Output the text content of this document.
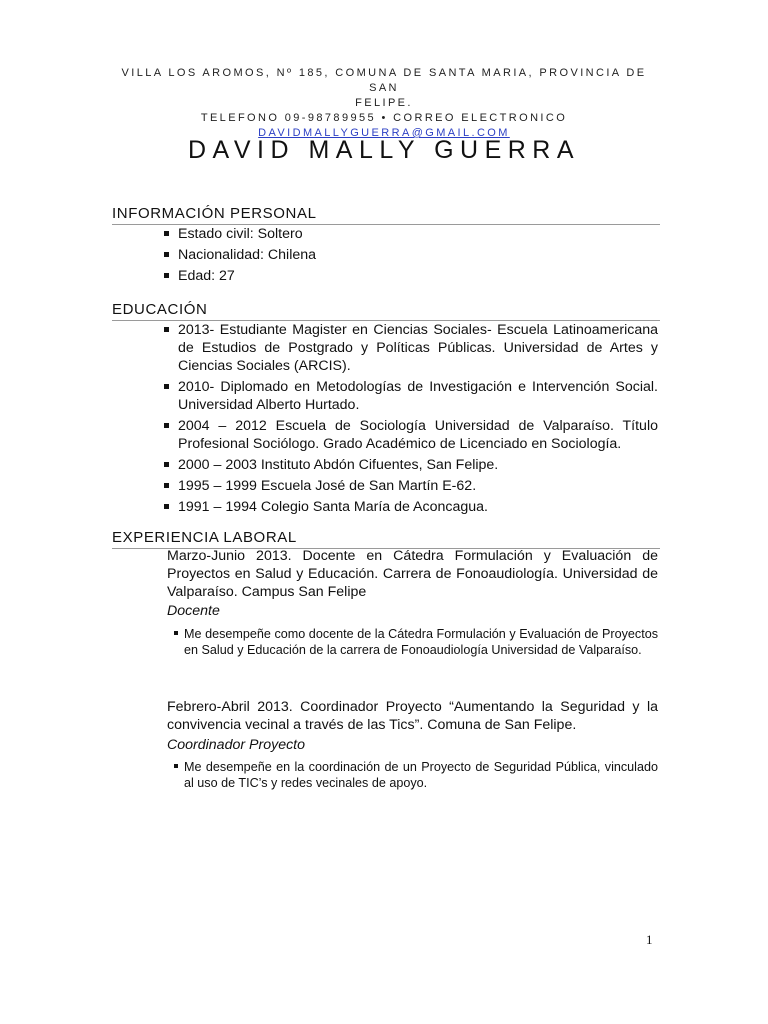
VILLA LOS AROMOS, Nº 185, COMUNA DE SANTA MARIA, PROVINCIA DE SAN
FELIPE.
TELEFONO 09-98789955 • CORREO ELECTRONICO
DAVIDMALLYGUERRA@GMAIL.COM
DAVID MALLY GUERRA
INFORMACIÓN PERSONAL
Estado civil: Soltero
Nacionalidad: Chilena
Edad: 27
EDUCACIÓN
2013- Estudiante Magister en Ciencias Sociales- Escuela Latinoamericana de Estudios de Postgrado y Políticas Públicas. Universidad de Artes y Ciencias Sociales (ARCIS).
2010- Diplomado en Metodologías de Investigación e Intervención Social. Universidad Alberto Hurtado.
2004 – 2012 Escuela de Sociología Universidad de Valparaíso. Título Profesional Sociólogo. Grado Académico de Licenciado en Sociología.
2000 – 2003 Instituto Abdón Cifuentes, San Felipe.
1995 – 1999 Escuela José de San Martín E-62.
1991 – 1994 Colegio Santa María de Aconcagua.
EXPERIENCIA LABORAL
Marzo-Junio 2013. Docente en Cátedra Formulación y Evaluación de Proyectos en Salud y Educación. Carrera de Fonoaudiología. Universidad de Valparaíso. Campus San Felipe
Docente
Me desempeñe como docente de la Cátedra Formulación y Evaluación de Proyectos en Salud y Educación de la carrera de Fonoaudiología Universidad de Valparaíso.
Febrero-Abril 2013. Coordinador Proyecto “Aumentando la Seguridad y la convivencia vecinal a través de las Tics”. Comuna de San Felipe.
Coordinador Proyecto
Me desempeñe en la coordinación de un Proyecto de Seguridad Pública, vinculado al uso de TIC’s y redes vecinales de apoyo.
1
